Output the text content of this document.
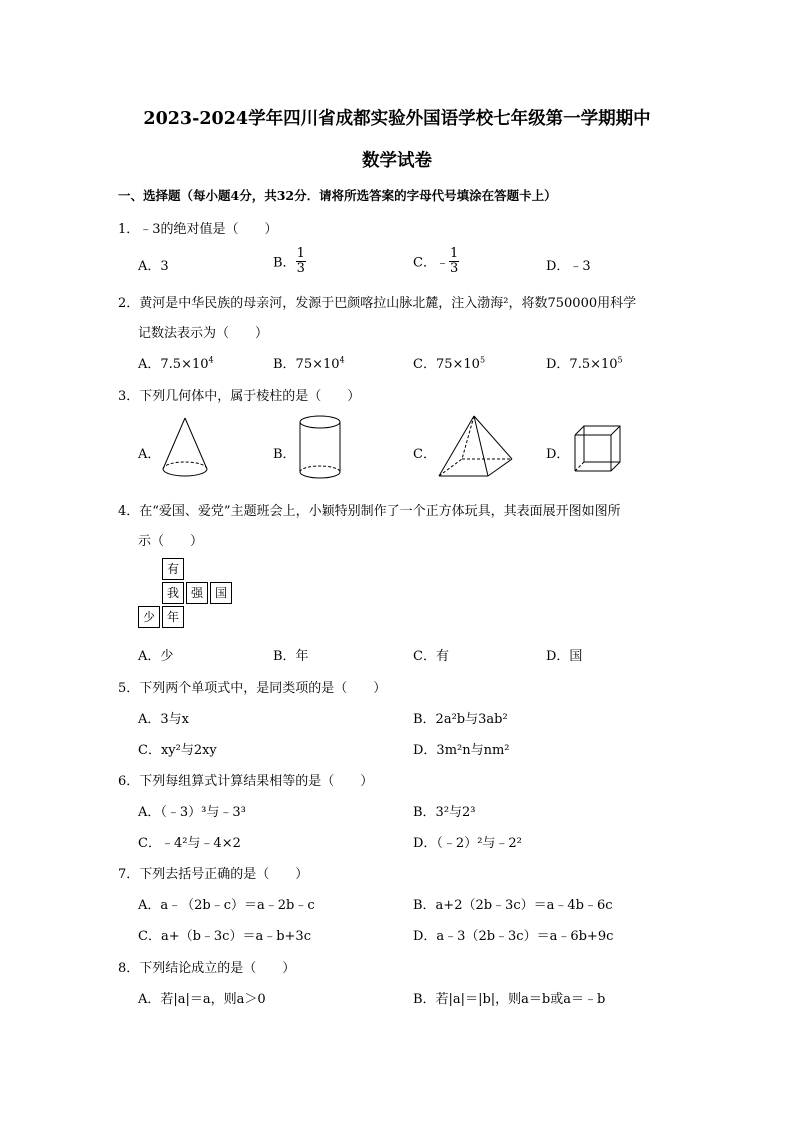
2023-2024学年四川省成都实验外国语学校七年级第一学期期中
数学试卷
一、选择题（每小题4分，共32分．请将所选答案的字母代号填涂在答题卡上）
1．﹣3的绝对值是（　　）
A．3	B． $\frac{1}{3}$	C．﹣ $\frac{1}{3}$	D．﹣3
2．黄河是中华民族的母亲河，发源于巴颜喀拉山脉北麓，注入渤海²，将数750000用科学
记数法表示为（　　）
A．$7.5\times 10^4$	B．$75\times 10^4$	C．$75\times 10^5$	D．$7.5\times 10^5$
3．下列几何体中，属于棱柱的是（　　）
A．	B．	C．	D．
4．在“爱国、爱党”主题班会上，小颖特别制作了一个正方体玩具，其表面展开图如图所
示（　　）
有
我 强 国
少 年
A．少	B．年	C．有	D．国
5．下列两个单项式中，是同类项的是（　　）
A．3与x	B．2a²b与3ab²
C．xy²与2xy	D．3m²n与nm²
6．下列每组算式计算结果相等的是（　　）
A．（﹣3）³与﹣3³	B．3²与2³
C．﹣4²与﹣4×2	D．（﹣2）²与﹣2²
7．下列去括号正确的是（　　）
A．a﹣（2b﹣c）＝a﹣2b﹣c	B．a+2（2b﹣3c）＝a﹣4b﹣6c
C．a+（b﹣3c）＝a﹣b+3c	D．a﹣3（2b﹣3c）＝a﹣6b+9c
8．下列结论成立的是（　　）
A．若|a|＝a，则a＞0	B．若|a|＝|b|，则a＝b或a＝﹣b
